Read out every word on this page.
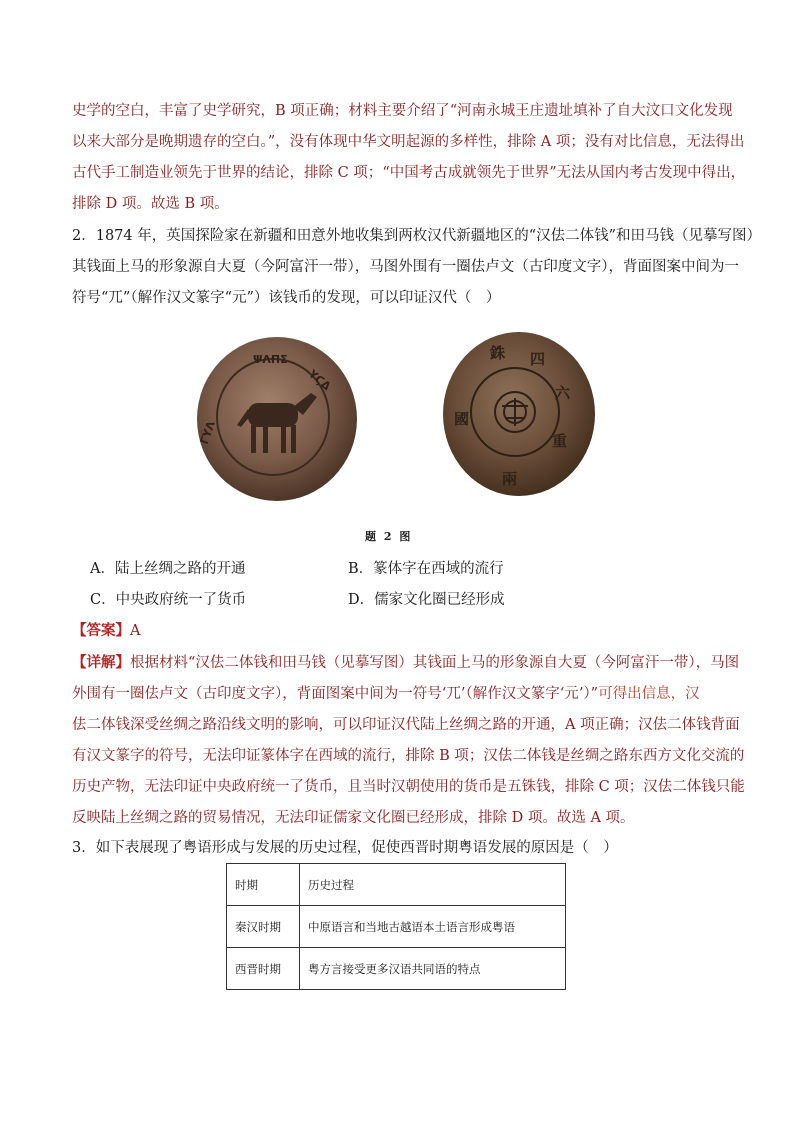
史学的空白，丰富了史学研究，B 项正确；材料主要介绍了“河南永城王庄遗址填补了自大汶口文化发现
以来大部分是晚期遗存的空白。”，没有体现中华文明起源的多样性，排除 A 项；没有对比信息，无法得出
古代手工制造业领先于世界的结论，排除 C 项；“中国考古成就领先于世界”无法从国内考古发现中得出，
排除 D 项。故选 B 项。
2．1874 年，英国探险家在新疆和田意外地收集到两枚汉代新疆地区的“汉佉二体钱”和田马钱（见摹写图）
其钱面上马的形象源自大夏（今阿富汗一带），马图外围有一圈佉卢文（古印度文字），背面图案中间为一
符号“兀”（解作汉文篆字“元”）该钱币的发现，可以印证汉代（　）
ΨΛΠΣ
ΥϚΔ
ΓΥΛ
銖 四
六
重
兩
國
题 2 图
A．陆上丝绸之路的开通	B．篆体字在西域的流行
C．中央政府统一了货币	D．儒家文化圈已经形成
【答案】A
【详解】根据材料“汉佉二体钱和田马钱（见摹写图）其钱面上马的形象源自大夏（今阿富汗一带），马图
外围有一圈佉卢文（古印度文字），背面图案中间为一符号‘兀’（解作汉文篆字‘元’）”可得出信息，汉
佉二体钱深受丝绸之路沿线文明的影响，可以印证汉代陆上丝绸之路的开通，A 项正确；汉佉二体钱背面
有汉文篆字的符号，无法印证篆体字在西域的流行，排除 B 项；汉佉二体钱是丝绸之路东西方文化交流的
历史产物，无法印证中央政府统一了货币，且当时汉朝使用的货币是五铢钱，排除 C 项；汉佉二体钱只能
反映陆上丝绸之路的贸易情况，无法印证儒家文化圈已经形成，排除 D 项。故选 A 项。
3．如下表展现了粤语形成与发展的历史过程，促使西晋时期粤语发展的原因是（　）
时期	历史过程
秦汉时期	中原语言和当地古越语本土语言形成粤语
西晋时期	粤方言接受更多汉语共同语的特点
